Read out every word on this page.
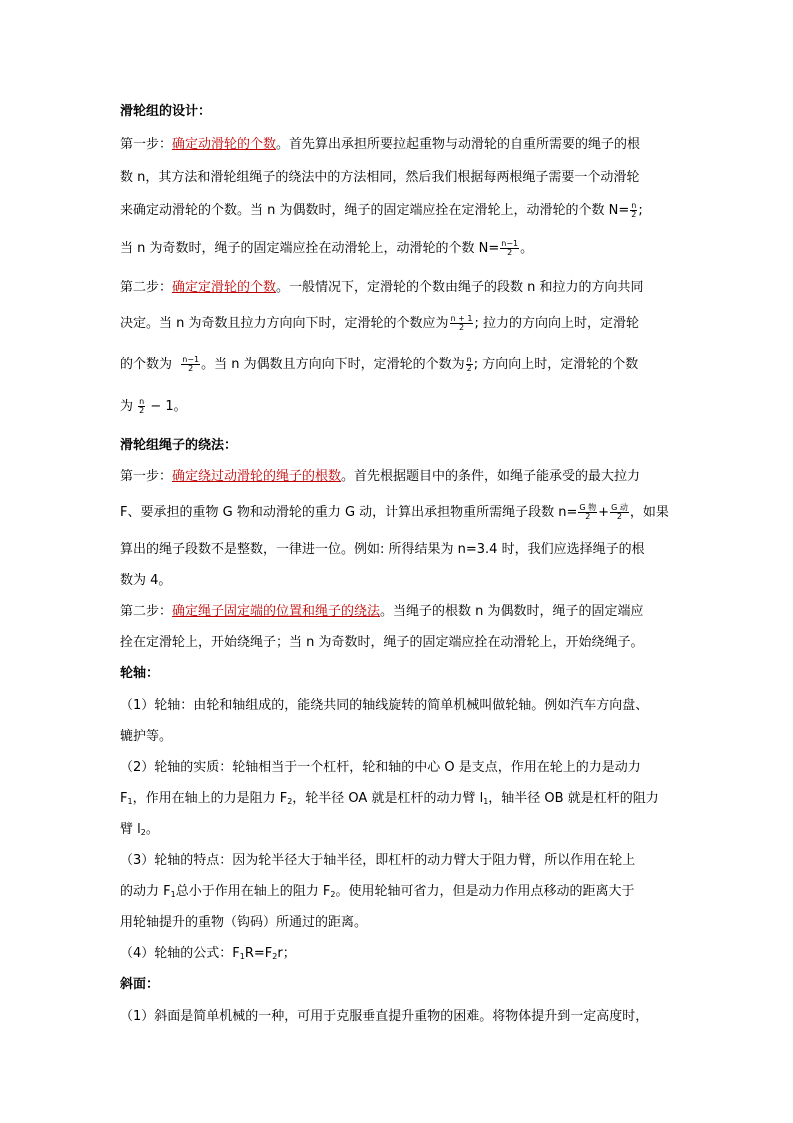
滑轮组的设计：
第一步：确定动滑轮的个数。首先算出承担所要拉起重物与动滑轮的自重所需要的绳子的根
数 n，其方法和滑轮组绳子的绕法中的方法相同，然后我们根据每两根绳子需要一个动滑轮
来确定动滑轮的个数。当 n 为偶数时，绳子的固定端应拴在定滑轮上，动滑轮的个数 $N= \frac{n}{2}$ ;
当 n 为奇数时，绳子的固定端应拴在动滑轮上，动滑轮的个数 $N= \frac{n-1}{2}$ 。
第二步：确定定滑轮的个数。一般情况下，定滑轮的个数由绳子的段数 n 和拉力的方向共同
决定。当 n 为奇数且拉力方向向下时，定滑轮的个数应为 $\frac{n + 1}{2}$ ; 拉力的方向向上时，定滑轮
的个数为 $\frac{n-1}{2}$ 。当 n 为偶数且方向向下时，定滑轮的个数为 $\frac{n}{2}$ ; 方向向上时，定滑轮的个数
为 $\frac{n}{2} - 1$。
滑轮组绳子的绕法：
第一步：确定绕过动滑轮的绳子的根数。首先根据题目中的条件，如绳子能承受的最大拉力
F、要承担的重物 G 物和动滑轮的重力 G 动，计算出承担物重所需绳子段数 $n= \frac{\text{G 物}}{2} + \frac{\text{G 动}}{2}$ ，如果
算出的绳子段数不是整数，一律进一位。例如: 所得结果为 n=3.4 时，我们应选择绳子的根
数为 4。
第二步：确定绳子固定端的位置和绳子的绕法。当绳子的根数 n 为偶数时，绳子的固定端应
拴在定滑轮上，开始绕绳子；当 n 为奇数时，绳子的固定端应拴在动滑轮上，开始绕绳子。
轮轴：
（1）轮轴：由轮和轴组成的，能绕共同的轴线旋转的简单机械叫做轮轴。例如汽车方向盘、
辘护等。
（2）轮轴的实质：轮轴相当于一个杠杆，轮和轴的中心 O 是支点，作用在轮上的力是动力
$F_1$，作用在轴上的力是阻力 $F_2$，轮半径 OA 就是杠杆的动力臂 $l_1$，轴半径 OB 就是杠杆的阻力
臂 $l_2$。
（3）轮轴的特点：因为轮半径大于轴半径，即杠杆的动力臂大于阻力臂，所以作用在轮上
的动力 $F_1$总小于作用在轴上的阻力 $F_2$。使用轮轴可省力，但是动力作用点移动的距离大于
用轮轴提升的重物（钩码）所通过的距离。
（4）轮轴的公式：$F_1R=F_2r$；
斜面：
（1）斜面是简单机械的一种，可用于克服垂直提升重物的困难。将物体提升到一定高度时，
